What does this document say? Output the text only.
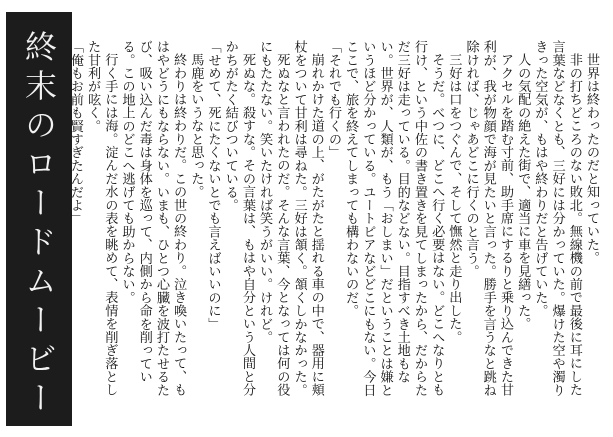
終末のロードムービー	世界は終わったのだと知っていた。

非の打ちどころのない敗北。無線機の前で最後に耳にした言葉などなくとも、三好には分かっていた。爆けた空や濁りきった空気が、もはや終わりだと告げていた。

人の気配の絶えた街で、適当に車を見繕った。

アクセルを踏む寸前、助手席にするりと乗り込んできた甘利が、我が物顔で海が見たいと言った。勝手を言うなと跳ね除ければ、じゃあどこに行くのと言う。

三好は口をつぐんで、そして憮然と走り出した。

そうだ。べつに、どこへ行く必要はない。どこへなりとも行け、という中佐の書き置きを見てしまったから、だからただ三好は走っている。目的などない。目指すべき土地もない。世界が、人類が、もう「おしまい」だということは嫌というほど分かっている。ユートピアなどどこにもない。今日ここで、旅を終えてしまっても構わないのだ。

「それでも行くの」

崩れかけた道の上、がたがたと揺れる車の中で、器用に頬杖をついて甘利は尋ねた。三好は頷く。頷くしかなかった。

死ぬなと言われたのだ。そんな言葉、今となっては何の役にもたたない。笑いたければ笑うがいい。けれど。

死ぬな。殺すな。その言葉は、もはや自分という人間と分かちがたく結びついている。

「せめて、死にたくないとでも言えばいいのに」

馬鹿をいうなと思った。

終わりは終わりだ。この世の終わり。泣き喚いたって、もはやどうにもならない。いまも、ひとつ心臓を波打たせるたび、吸い込んだ毒は身体を巡って、内側から命を削っている。この地上のどこへ逃げても助からない。

行く手には海。淀んだ水の表を眺めて、表情を削ぎ落とした甘利が呟く。

「俺もお前も賢すぎたんだよ」
